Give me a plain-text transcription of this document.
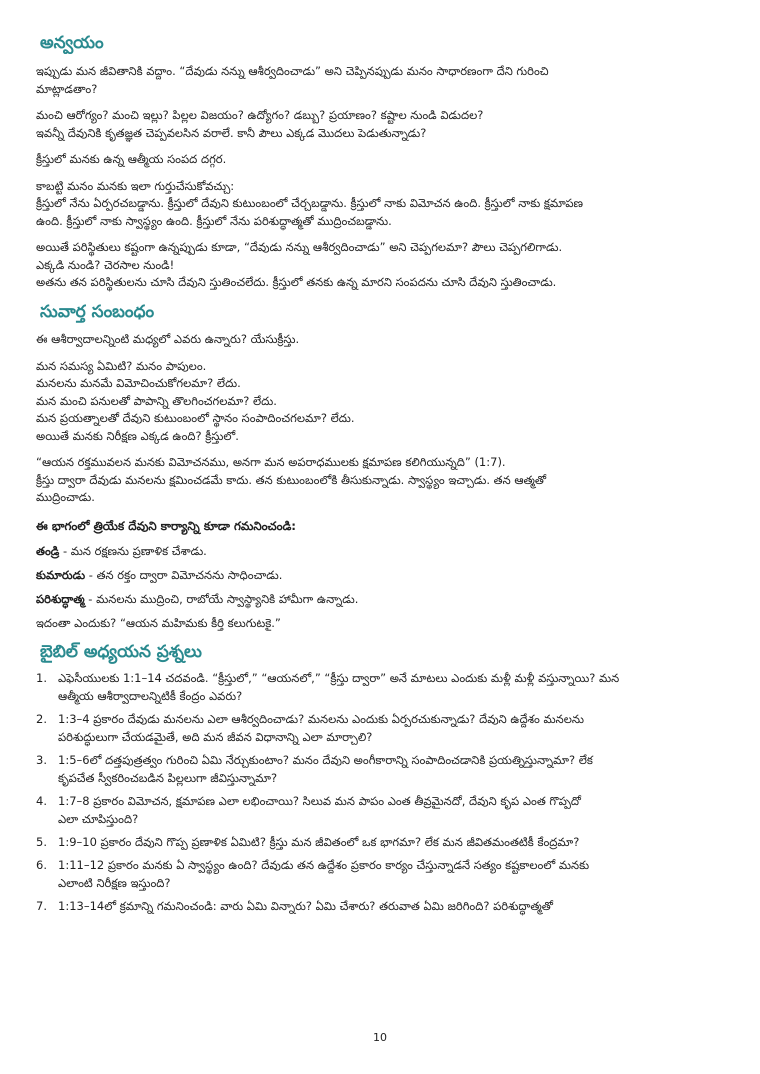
అన్వయం

ఇప్పుడు మన జీవితానికి వద్దాం. “దేవుడు నన్ను ఆశీర్వదించాడు” అని చెప్పినప్పుడు మనం సాధారణంగా దేని గురించి
మాట్లాడతాం?

మంచి ఆరోగ్యం? మంచి ఇల్లు? పిల్లల విజయం? ఉద్యోగం? డబ్బు? ప్రయాణం? కష్టాల నుండి విడుదల?
ఇవన్నీ దేవునికి కృతజ్ఞత చెప్పవలసిన వరాలే. కానీ పౌలు ఎక్కడ మొదలు పెడుతున్నాడు?

క్రీస్తులో మనకు ఉన్న ఆత్మీయ సంపద దగ్గర.

కాబట్టి మనం మనకు ఇలా గుర్తుచేసుకోవచ్చు:
క్రీస్తులో నేను ఏర్పరచబడ్డాను. క్రీస్తులో దేవుని కుటుంబంలో చేర్చబడ్డాను. క్రీస్తులో నాకు విమోచన ఉంది. క్రీస్తులో నాకు క్షమాపణ
ఉంది. క్రీస్తులో నాకు స్వాస్థ్యం ఉంది. క్రీస్తులో నేను పరిశుద్ధాత్మతో ముద్రించబడ్డాను.

అయితే పరిస్థితులు కష్టంగా ఉన్నప్పుడు కూడా, “దేవుడు నన్ను ఆశీర్వదించాడు” అని చెప్పగలమా? పౌలు చెప్పగలిగాడు.
ఎక్కడి నుండి? చెరసాల నుండి!
అతను తన పరిస్థితులను చూసి దేవుని స్తుతించలేదు. క్రీస్తులో తనకు ఉన్న మారని సంపదను చూసి దేవుని స్తుతించాడు.

సువార్త సంబంధం

ఈ ఆశీర్వాదాలన్నింటి మధ్యలో ఎవరు ఉన్నారు? యేసుక్రీస్తు.

మన సమస్య ఏమిటి? మనం పాపులం.
మనలను మనమే విమోచించుకోగలమా? లేదు.
మన మంచి పనులతో పాపాన్ని తొలగించగలమా? లేదు.
మన ప్రయత్నాలతో దేవుని కుటుంబంలో స్థానం సంపాదించగలమా? లేదు.
అయితే మనకు నిరీక్షణ ఎక్కడ ఉంది? క్రీస్తులో.

“ఆయన రక్తమువలన మనకు విమోచనము, అనగా మన అపరాధములకు క్షమాపణ కలిగియున్నది” (1:7).
క్రీస్తు ద్వారా దేవుడు మనలను క్షమించడమే కాదు. తన కుటుంబంలోకి తీసుకున్నాడు. స్వాస్థ్యం ఇచ్చాడు. తన ఆత్మతో
ముద్రించాడు.

ఈ భాగంలో త్రియేక దేవుని కార్యాన్ని కూడా గమనించండి:
తండ్రి - మన రక్షణను ప్రణాళిక చేశాడు.
కుమారుడు - తన రక్తం ద్వారా విమోచనను సాధించాడు.
పరిశుద్ధాత్మ - మనలను ముద్రించి, రాబోయే స్వాస్థ్యానికి హామీగా ఉన్నాడు.

ఇదంతా ఎందుకు? “ఆయన మహిమకు కీర్తి కలుగుటకై.”

బైబిల్ అధ్యయన ప్రశ్నలు
1. ఎఫెసీయులకు 1:1–14 చదవండి. “క్రీస్తులో,” “ఆయనలో,” “క్రీస్తు ద్వారా” అనే మాటలు ఎందుకు మళ్లీ మళ్లీ వస్తున్నాయి? మన
ఆత్మీయ ఆశీర్వాదాలన్నిటికీ కేంద్రం ఎవరు?
2. 1:3–4 ప్రకారం దేవుడు మనలను ఎలా ఆశీర్వదించాడు? మనలను ఎందుకు ఏర్పరచుకున్నాడు? దేవుని ఉద్దేశం మనలను
పరిశుద్ధులుగా చేయడమైతే, అది మన జీవన విధానాన్ని ఎలా మార్చాలి?
3. 1:5–6లో దత్తపుత్రత్వం గురించి ఏమి నేర్చుకుంటాం? మనం దేవుని అంగీకారాన్ని సంపాదించడానికి ప్రయత్నిస్తున్నామా? లేక
కృపచేత స్వీకరించబడిన పిల్లలుగా జీవిస్తున్నామా?
4. 1:7–8 ప్రకారం విమోచన, క్షమాపణ ఎలా లభించాయి? సిలువ మన పాపం ఎంత తీవ్రమైనదో, దేవుని కృప ఎంత గొప్పదో
ఎలా చూపిస్తుంది?
5. 1:9–10 ప్రకారం దేవుని గొప్ప ప్రణాళిక ఏమిటి? క్రీస్తు మన జీవితంలో ఒక భాగమా? లేక మన జీవితమంతటికీ కేంద్రమా?
6. 1:11–12 ప్రకారం మనకు ఏ స్వాస్థ్యం ఉంది? దేవుడు తన ఉద్దేశం ప్రకారం కార్యం చేస్తున్నాడనే సత్యం కష్టకాలంలో మనకు
ఎలాంటి నిరీక్షణ ఇస్తుంది?
7. 1:13–14లో క్రమాన్ని గమనించండి: వారు ఏమి విన్నారు? ఏమి చేశారు? తరువాత ఏమి జరిగింది? పరిశుద్ధాత్మతో
10
